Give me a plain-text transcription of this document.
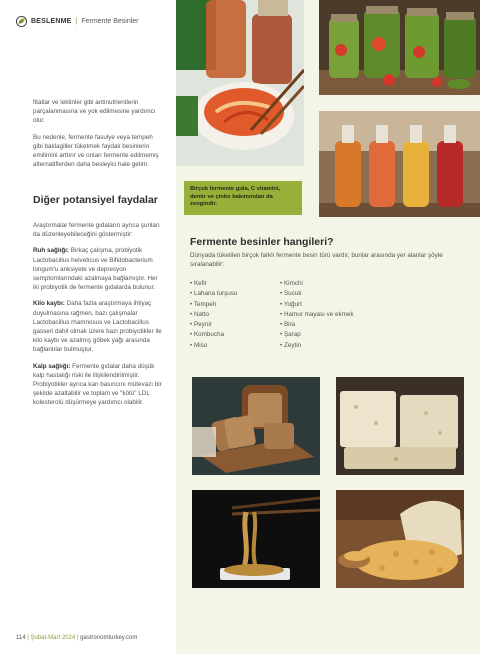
BESLENME | Fermente Besinler

fitatlar ve lektinler gibi antinutrientlerin parçalanmasına ve yok edilmesine yardımcı olur.

Bu nedenle, fermente fasulye veya tempeh gibi baklagiller tüketmek faydalı besinlerin emilimini arttırır ve onları fermente edilmemiş alternatiflerden daha besleyici hale getirir.

Diğer potansiyel faydalar

Araştırmalar fermente gıdaların ayrıca şunları da düzenleyebileceğini göstermiştir:

Ruh sağlığı: Birkaç çalışma, probiyotik Lactobacillus helveticus ve Bifidobacterium longum'u anksiyete ve depresyon semptomlarındaki azalmaya bağlamıştır. Her iki probiyotik de fermente gıdalarda bulunur.

Kilo kaybı: Daha fazla araştırmaya ihtiyaç duyulmasına rağmen, bazı çalışmalar Lactobacillus rhamnosus ve Lactobacillus gasseri dahil olmak üzere bazı probiyotikler ile kilo kaybı ve azalmış göbek yağı arasında bağlantılar bulmuştur.

Kalp sağlığı: Fermente gıdalar daha düşük kalp hastalığı riski ile ilişkilendirilmiştir. Probiyotikler ayrıca kan basıncını mütevazı bir şekilde azaltabilir ve toplam ve "kötü" LDL kolesterolü düşürmeye yardımcı olabilir.

114 | Şubat-Mart 2024 | gastronomturkey.com
Birçok fermente gıda, C vitamini, demir ve çinko bakımından da zengindir.
Fermente besinler hangileri?

Dünyada tüketilen birçok farklı fermente besin türü vardır, bunlar arasında yer alanlar şöyle sıralanabilir:

• Kefir
• Lahana turşusu
• Tempeh
• Natto
• Peynir
• Kombucha
• Miso
• Kimchi
• Sucuk
• Yoğurt
• Hamur mayası ve ekmek
• Bira
• Şarap
• Zeytin
